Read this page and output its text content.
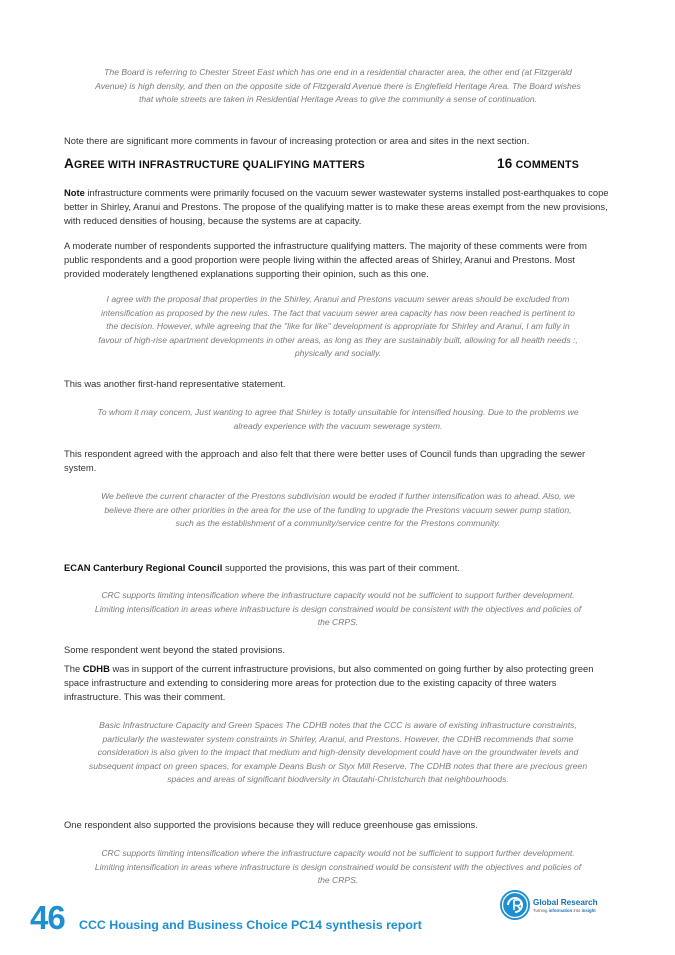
The Board is referring to Chester Street East which has one end in a residential character area, the other end (at Fitzgerald Avenue) is high density, and then on the opposite side of Fitzgerald Avenue there is Englefield Heritage Area. The Board wishes that whole streets are taken in Residential Heritage Areas to give the community a sense of continuation.
Note there are significant more comments in favour of increasing protection or area and sites in the next section.
AGREE WITH INFRASTRUCTURE QUALIFYING MATTERS	16 COMMENTS
Note infrastructure comments were primarily focused on the vacuum sewer wastewater systems installed post-earthquakes to cope better in Shirley, Aranui and Prestons. The propose of the qualifying matter is to make these areas exempt from the new provisions, with reduced densities of housing, because the systems are at capacity.
A moderate number of respondents supported the infrastructure qualifying matters. The majority of these comments were from public respondents and a good proportion were people living within the affected areas of Shirley, Aranui and Prestons. Most provided moderately lengthened explanations supporting their opinion, such as this one.
I agree with the proposal that properties in the Shirley, Aranui and Prestons vacuum sewer areas should be excluded from intensification as proposed by the new rules. The fact that vacuum sewer area capacity has now been reached is pertinent to the decision. However, while agreeing that the "like for like" development is appropriate for Shirley and Aranui, I am fully in favour of high-rise apartment developments in other areas, as long as they are sustainably built, allowing for all health needs :, physically and socially.
This was another first-hand representative statement.
To whom it may concern, Just wanting to agree that Shirley is totally unsuitable for intensified housing. Due to the problems we already experience with the vacuum sewerage system.
This respondent agreed with the approach and also felt that there were better uses of Council funds than upgrading the sewer system.
We believe the current character of the Prestons subdivision would be eroded if further intensification was to ahead. Also, we believe there are other priorities in the area for the use of the funding to upgrade the Prestons vacuum sewer pump station, such as the establishment of a community/service centre for the Prestons community.
ECAN Canterbury Regional Council supported the provisions, this was part of their comment.
CRC supports limiting intensification where the infrastructure capacity would not be sufficient to support further development. Limiting intensification in areas where infrastructure is design constrained would be consistent with the objectives and policies of the CRPS.
Some respondent went beyond the stated provisions.
The CDHB was in support of the current infrastructure provisions, but also commented on going further by also protecting green space infrastructure and extending to considering more areas for protection due to the existing capacity of three waters infrastructure. This was their comment.
Basic Infrastructure Capacity and Green Spaces The CDHB notes that the CCC is aware of existing infrastructure constraints, particularly the wastewater system constraints in Shirley, Aranui, and Prestons. However, the CDHB recommends that some consideration is also given to the impact that medium and high-density development could have on the groundwater levels and subsequent impact on green spaces, for example Deans Bush or Styx Mill Reserve. The CDHB notes that there are precious green spaces and areas of significant biodiversity in Ōtautahi-Christchurch that neighbourhoods.
One respondent also supported the provisions because they will reduce greenhouse gas emissions.
CRC supports limiting intensification where the infrastructure capacity would not be sufficient to support further development. Limiting intensification in areas where infrastructure is design constrained would be consistent with the objectives and policies of the CRPS.
46 CCC Housing and Business Choice PC14 synthesis report
Global Research
Turning information into insight
